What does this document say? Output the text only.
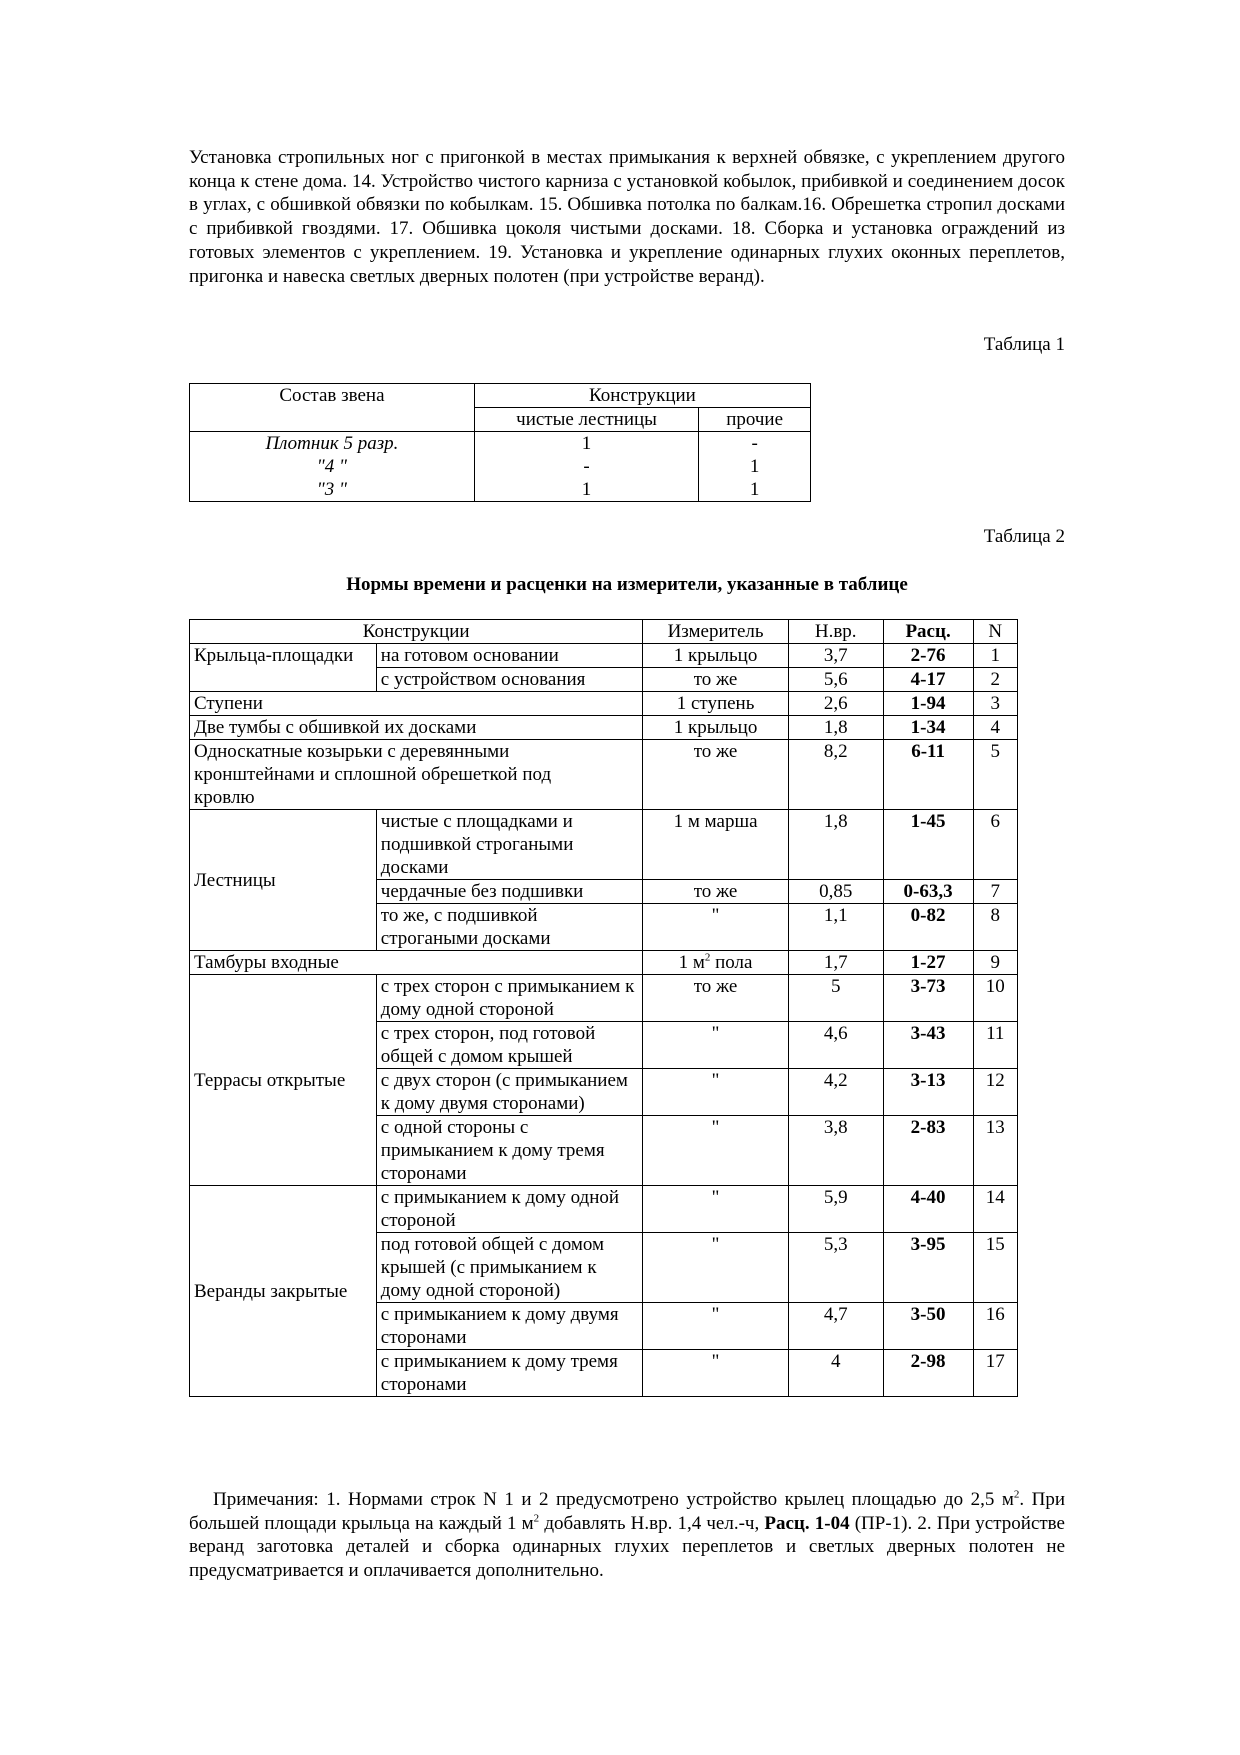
Установка стропильных ног с пригонкой в местах примыкания к верхней обвязке, с укреплением другого конца к стене дома. 14. Устройство чистого карниза с установкой кобылок, прибивкой и соединением досок в углах, с обшивкой обвязки по кобылкам. 15. Обшивка потолка по балкам.16. Обрешетка стропил досками с прибивкой гвоздями. 17. Обшивка цоколя чистыми досками. 18. Сборка и установка ограждений из готовых элементов с укреплением. 19. Установка и укрепление одинарных глухих оконных переплетов, пригонка и навеска светлых дверных полотен (при устройстве веранд).

Таблица 1

Состав звена	Конструкции	
	чистые лестницы	прочие
Плотник 5 разр.	1	-
"4 "	-	1
"3 "	1	1

Таблица 2

Нормы времени и расценки на измерители, указанные в таблице

Конструкции		Измеритель	Н.вр.	Расц.	N
Крыльца-площадки	на готовом основании	1 крыльцо	3,7	2-76	1
	с устройством основания	то же	5,6	4-17	2
Ступени		1 ступень	2,6	1-94	3
Две тумбы с обшивкой их досками		1 крыльцо	1,8	1-34	4

Односкатные козырьки с деревянными кронштейнами и сплошной обрешеткой под кровлю		то же	8,2	6-11	5
Лестницы	чистые с площадками и подшивкой строгаными досками	1 м марша	1,8	1-45	6
	чердачные без подшивки	то же	0,85	0-63,3	7
	то же, с подшивкой строгаными досками	"	1,1	0-82	8
Тамбуры входные		1 $м^2$ пола	1,7	1-27	9
Террасы открытые	с трех сторон с примыканием к дому одной стороной	то же	5	3-73	10
	с трех сторон, под готовой общей с домом крышей	"	4,6	3-43	11
	с двух сторон (с примыканием к дому двумя сторонами)	"	4,2	3-13	12
	с одной стороны с примыканием к дому тремя сторонами	"	3,8	2-83	13
Веранды закрытые	с примыканием к дому одной стороной	"	5,9	4-40	14
	под готовой общей с домом крышей (с примыканием к дому одной стороной)	"	5,3	3-95	15
	с примыканием к дому двумя сторонами	"	4,7	3-50	16
	с примыканием к дому тремя сторонами	"	4	2-98	17

Примечания: 1. Нормами строк N 1 и 2 предусмотрено устройство крылец площадью до 2,5 $м^2$. При большей площади крыльца на каждый 1 $м^2$ добавлять Н.вр. 1,4 чел.-ч, Расц. 1-04 (ПР-1). 2. При устройстве веранд заготовка деталей и сборка одинарных глухих переплетов и светлых дверных полотен не предусматривается и оплачивается дополнительно.
